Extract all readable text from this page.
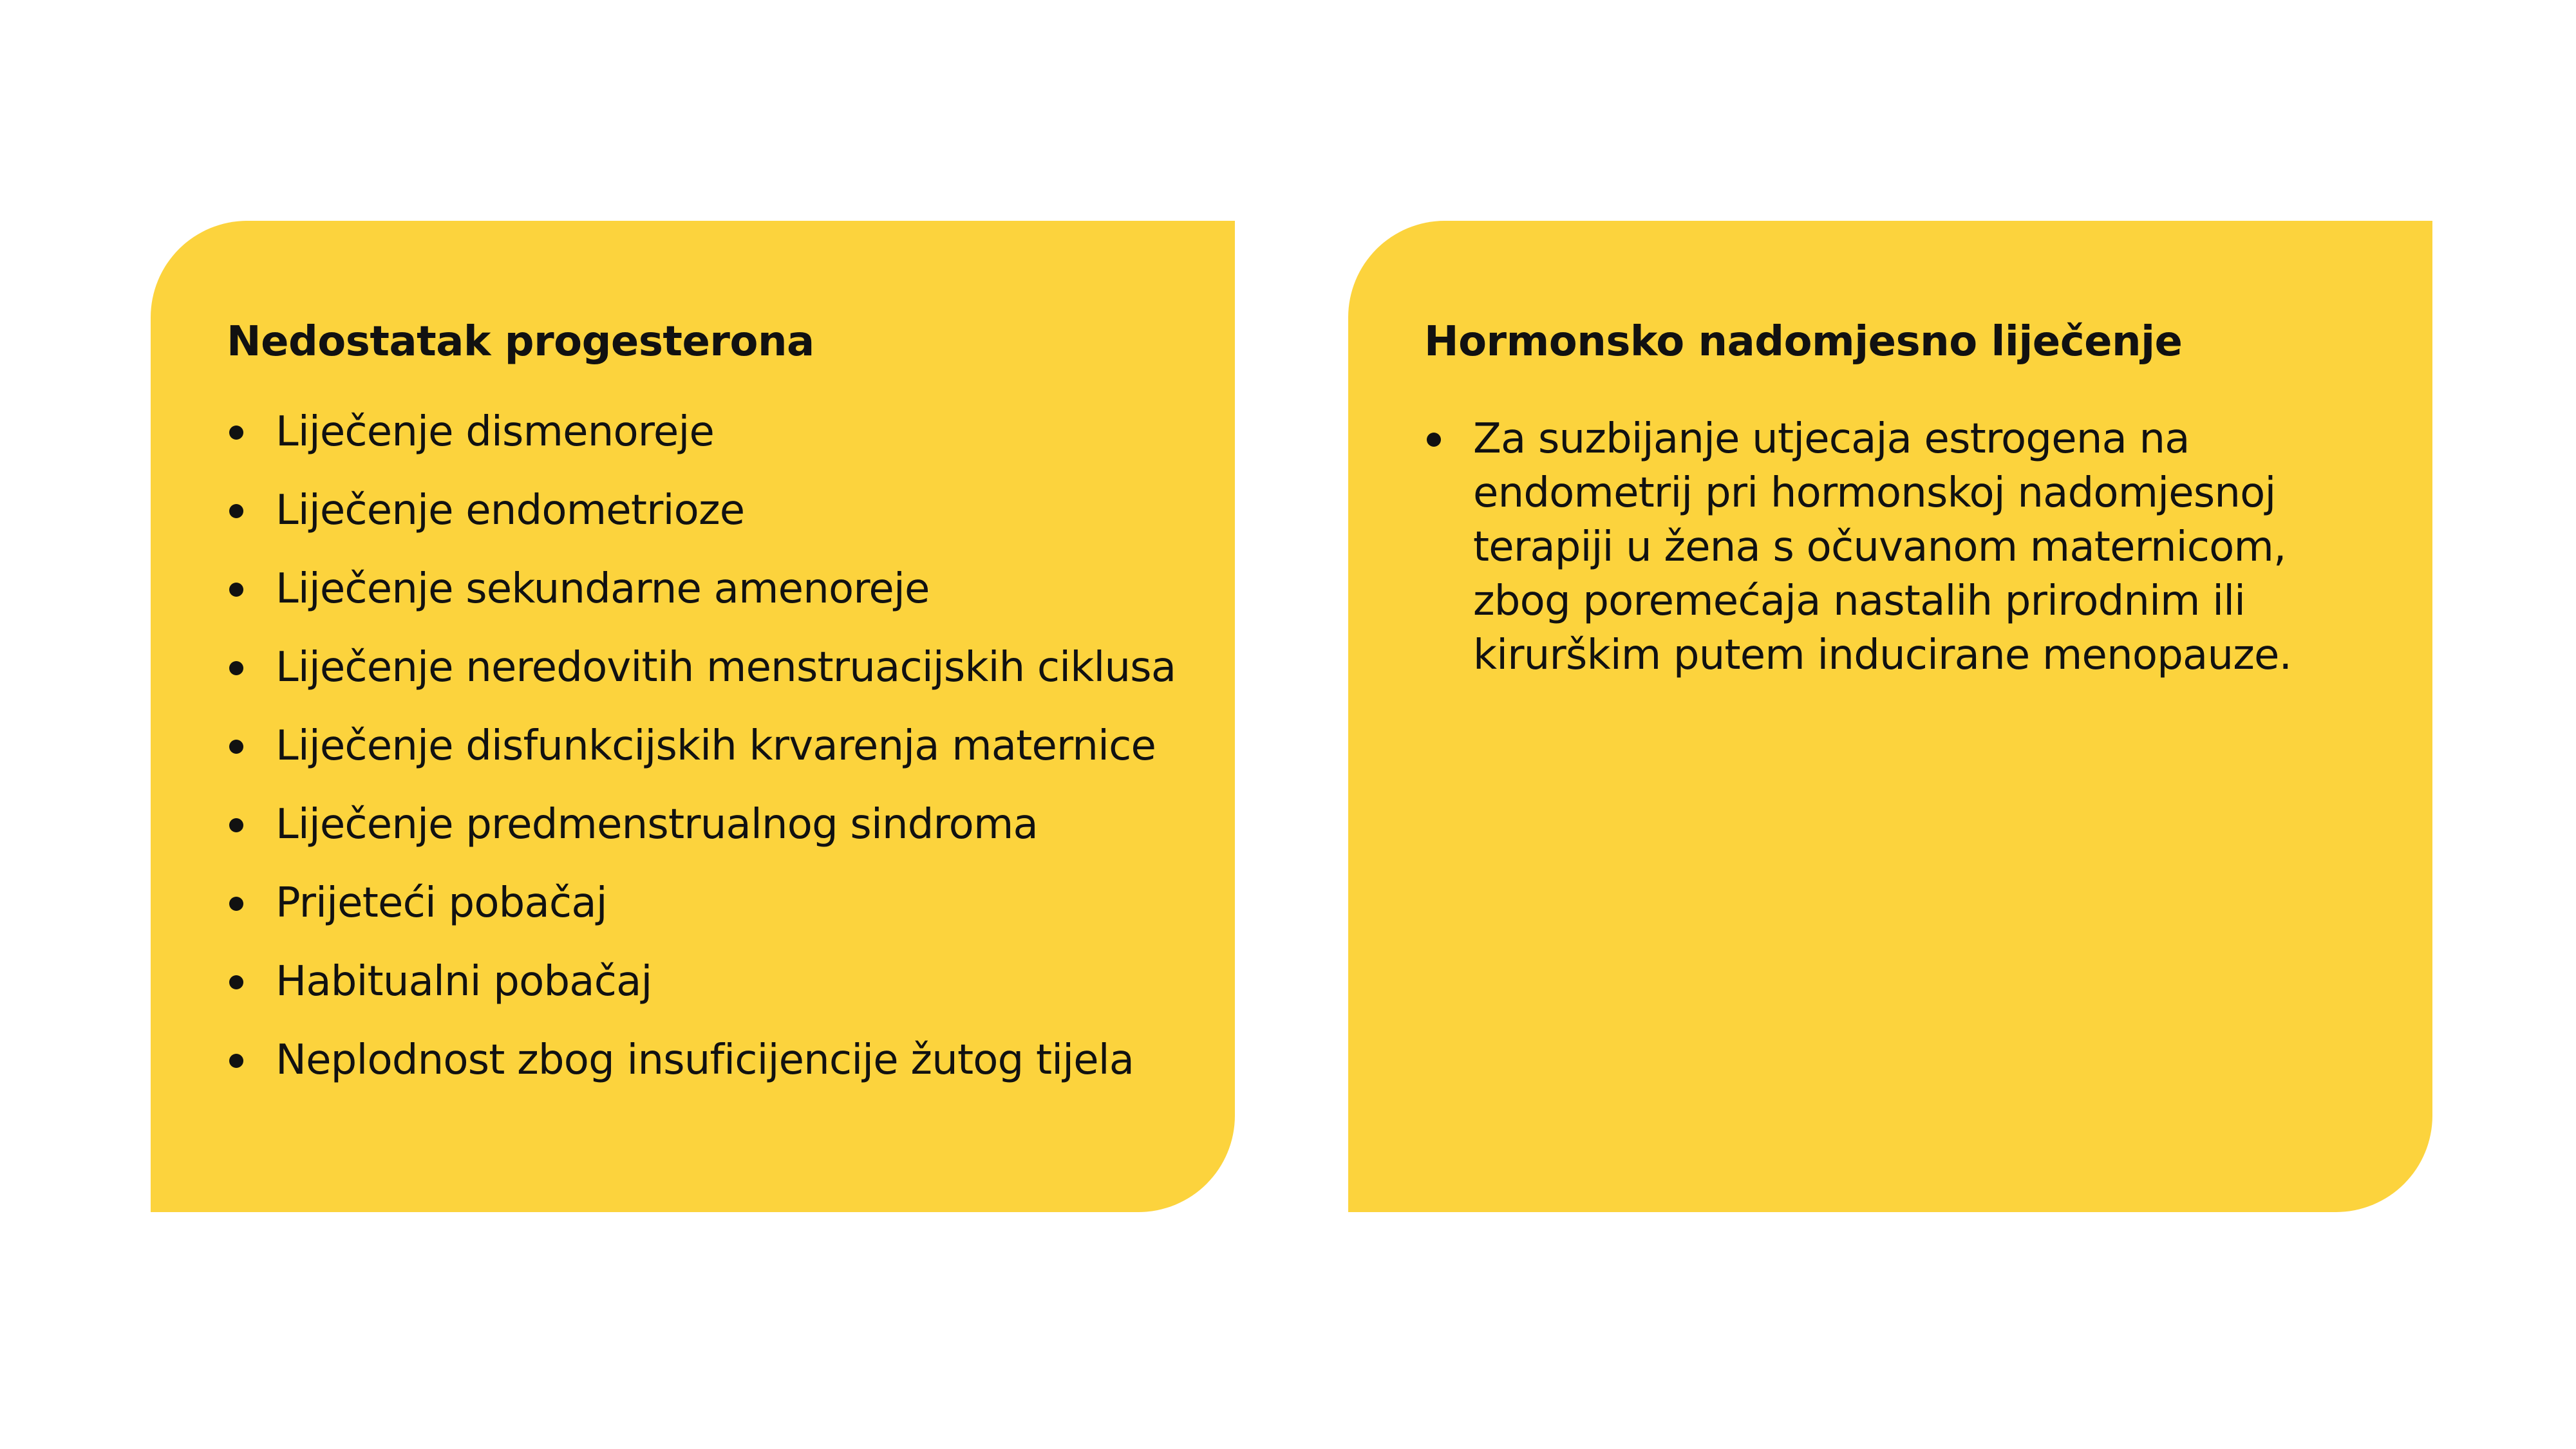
Nedostatak progesterona
Liječenje dismenoreje
Liječenje endometrioze
Liječenje sekundarne amenoreje
Liječenje neredovitih menstruacijskih ciklusa
Liječenje disfunkcijskih krvarenja maternice
Liječenje predmenstrualnog sindroma
Prijeteći pobačaj
Habitualni pobačaj
Neplodnost zbog insuficijencije žutog tijela
Hormonsko nadomjesno liječenje
Za suzbijanje utjecaja estrogena na endometrij pri hormonskoj nadomjesnoj terapiji u žena s očuvanom maternicom, zbog poremećaja nastalih prirodnim ili kirurškim putem inducirane menopauze.
